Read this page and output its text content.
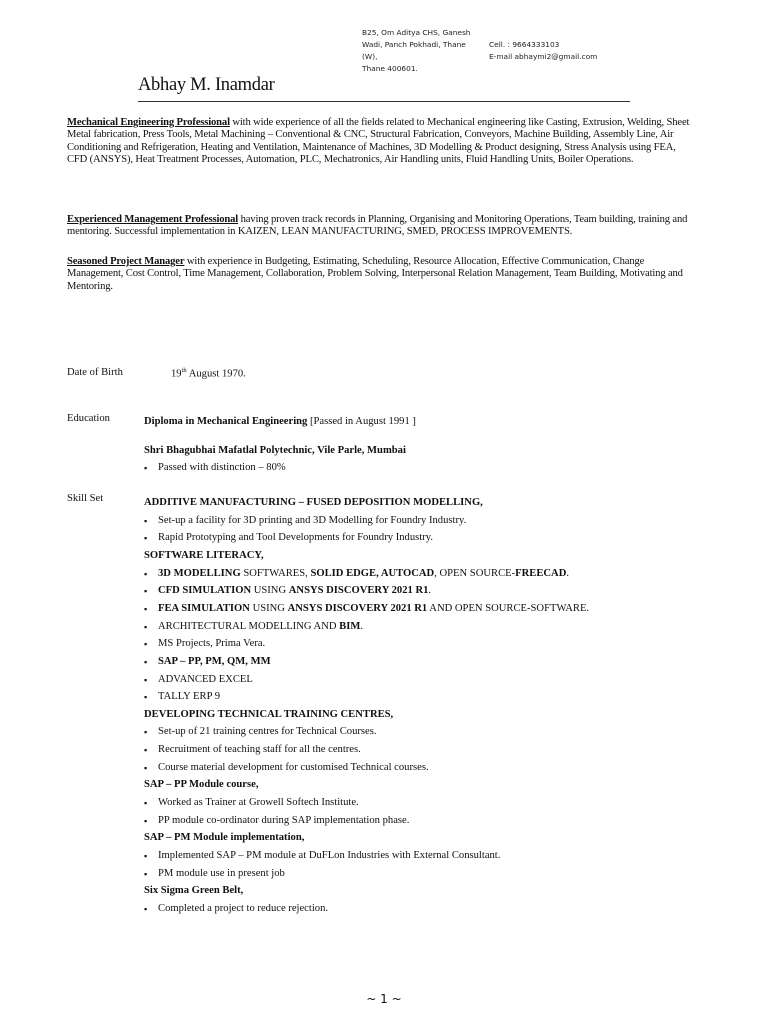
B25, Om Aditya CHS, Ganesh
Wadi, Panch Pokhadi, Thane	Cell. : 9664333103
(W),	E-mail abhaymi2@gmail.com
Thane 400601.
Abhay M. Inamdar
Mechanical Engineering Professional with wide experience of all the fields related to Mechanical engineering like Casting, Extrusion, Welding, Sheet Metal fabrication, Press Tools, Metal Machining – Conventional & CNC, Structural Fabrication, Conveyors, Machine Building, Assembly Line, Air Conditioning and Refrigeration, Heating and Ventilation, Maintenance of Machines, 3D Modelling & Product designing, Stress Analysis using FEA, CFD (ANSYS), Heat Treatment Processes, Automation, PLC, Mechatronics, Air Handling units, Fluid Handling Units, Boiler Operations.
Experienced Management Professional having proven track records in Planning, Organising and Monitoring Operations, Team building, training and mentoring. Successful implementation in KAIZEN, LEAN MANUFACTURING, SMED, PROCESS IMPROVEMENTS.
Seasoned Project Manager with experience in Budgeting, Estimating, Scheduling, Resource Allocation, Effective Communication, Change Management, Cost Control, Time Management, Collaboration, Problem Solving, Interpersonal Relation Management, Team Building, Motivating and Mentoring.
Date of Birth	19th August 1970.
Education	Diploma in Mechanical Engineering [Passed in August 1991 ]
Shri Bhagubhai Mafatlal Polytechnic, Vile Parle, Mumbai
▪ Passed with distinction – 80%
Skill Set	ADDITIVE MANUFACTURING – FUSED DEPOSITION MODELLING,
▪ Set-up a facility for 3D printing and 3D Modelling for Foundry Industry.
▪ Rapid Prototyping and Tool Developments for Foundry Industry.
SOFTWARE LITERACY,
▪ 3D MODELLING SOFTWARES, SOLID EDGE, AUTOCAD, OPEN SOURCE-FREECAD.
▪ CFD SIMULATION USING ANSYS DISCOVERY 2021 R1.
▪ FEA SIMULATION USING ANSYS DISCOVERY 2021 R1 AND OPEN SOURCE-SOFTWARE.
▪ ARCHITECTURAL MODELLING AND BIM.
▪ MS Projects, Prima Vera.
▪ SAP – PP, PM, QM, MM
▪ ADVANCED EXCEL
▪ TALLY ERP 9
DEVELOPING TECHNICAL TRAINING CENTRES,
▪ Set-up of 21 training centres for Technical Courses.
▪ Recruitment of teaching staff for all the centres.
▪ Course material development for customised Technical courses.
SAP – PP Module course,
▪ Worked as Trainer at Growell Softech Institute.
▪ PP module co-ordinator during SAP implementation phase.
SAP – PM Module implementation,
▪ Implemented SAP – PM module at DuFLon Industries with External Consultant.
▪ PM module use in present job
Six Sigma Green Belt,
▪ Completed a project to reduce rejection.
~ 1 ~
